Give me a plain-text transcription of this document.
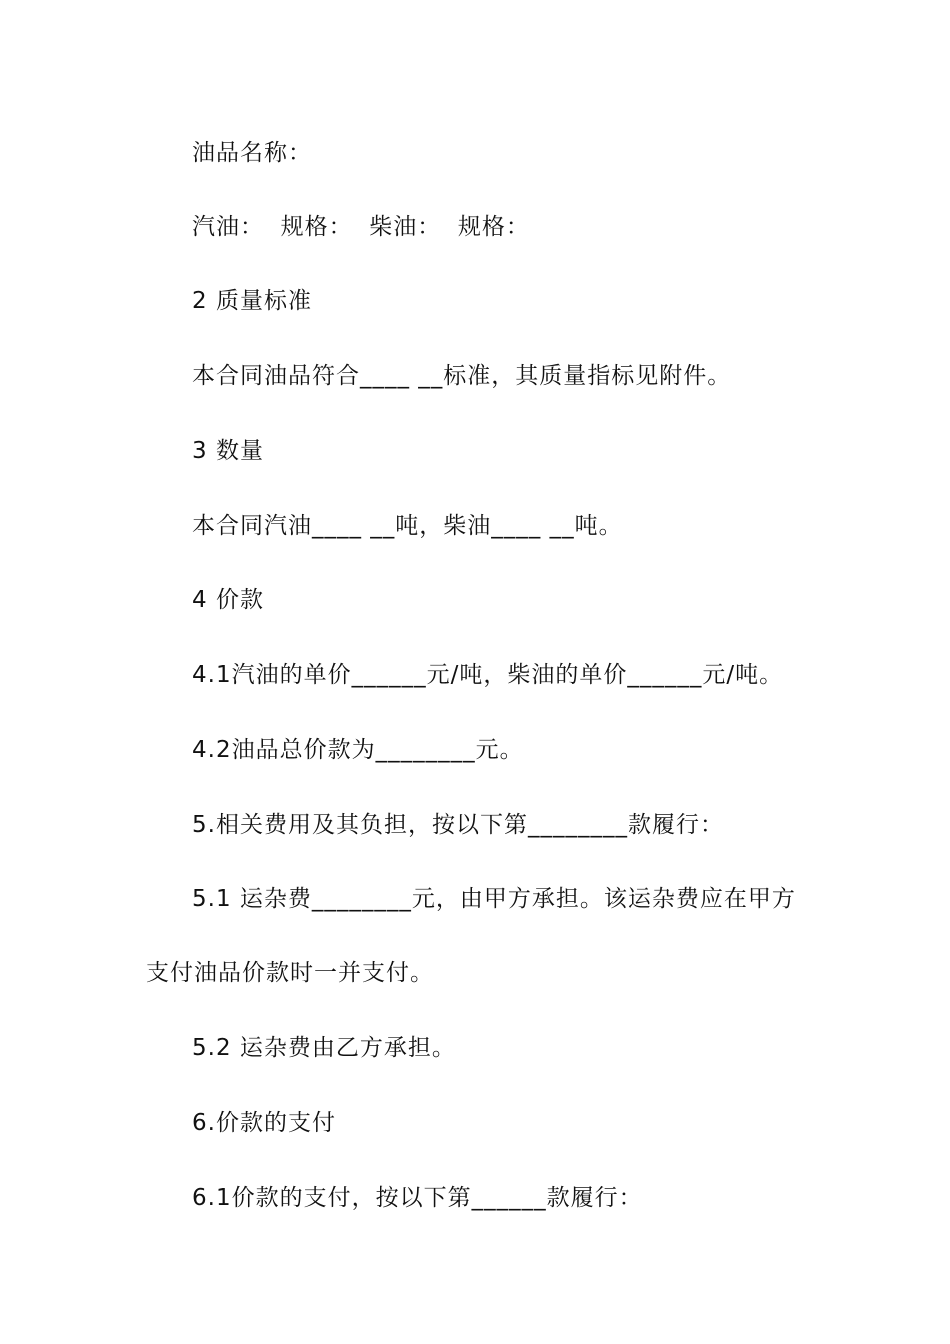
油品名称：
汽油：  规格：  柴油：  规格：
2 质量标准
本合同油品符合____ __标准，其质量指标见附件。
3 数量
本合同汽油____ __吨，柴油____ __吨。
4 价款
4.1汽油的单价______元/吨，柴油的单价______元/吨。
4.2油品总价款为________元。
5.相关费用及其负担，按以下第________款履行：
5.1 运杂费________元，由甲方承担。该运杂费应在甲方
支付油品价款时一并支付。
5.2 运杂费由乙方承担。
6.价款的支付
6.1价款的支付，按以下第______款履行：
